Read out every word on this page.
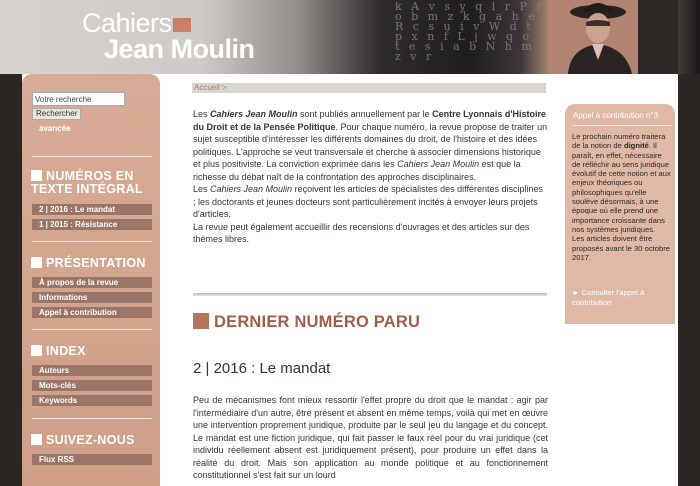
k A v s y q l r P f o b m z k g a h e R c s u i v W d t p x n f L j w q o t e s i a b N h m z v r
Cahiers
Jean Moulin
Votre recherche
Rechercher
avancée
NUMÉROS EN
TEXTE INTÉGRAL
2 | 2016 : Le mandat
1 | 2015 : Résistance
PRÉSENTATION
À propos de la revue
Informations
Appel à contribution
INDEX
Auteurs
Mots-clés
Keywords
SUIVEZ-NOUS
Flux RSS
Accueil >
Les Cahiers Jean Moulin sont publiés annuellement par le Centre Lyonnais d'Histoire du Droit et de la Pensée Politique. Pour chaque numéro, la revue propose de traiter un sujet susceptible d'intéresser les différents domaines du droit, de l'histoire et des idées politiques. L'approche se veut transversale et cherche à associer dimensions historique et plus positiviste. La conviction exprimée dans les Cahiers Jean Moulin est que la richesse du débat naît de la confrontation des approches disciplinaires.
Les Cahiers Jean Moulin reçoivent les articles de spécialistes des différentes disciplines ; les doctorants et jeunes docteurs sont particulièrement incités à envoyer leurs projets d'articles.
La revue peut également accueillir des recensions d'ouvrages et des articles sur des thèmes libres.
DERNIER NUMÉRO PARU
2 | 2016 : Le mandat
Peu de mécanismes font mieux ressortir l'effet propre du droit que le mandat : agir par l'intermédiaire d'un autre, être présent et absent en même temps, voilà qui met en œuvre une intervention proprement juridique, produite par le seul jeu du langage et du concept. Le mandat est une fiction juridique, qui fait passer le faux réel pour du vrai juridique (cet individu réellement absent est juridiquement présent), pour produire un effet dans la réalité du droit. Mais son application au monde politique et au fonctionnement constitutionnel s'est fait sur un lourd
Appel à contribution n°3
Le prochain numéro traitera de la notion de dignité. Il paraît, en effet, nécessaire de réfléchir au sens juridique évolutif de cette notion et aux enjeux théoriques ou philosophiques qu'elle soulève désormais, à une époque où elle prend une importance croissante dans nos systèmes juridiques.
Les articles doivent être proposés avant le 30 octobre 2017.
► Consulter l'appel à contribution
